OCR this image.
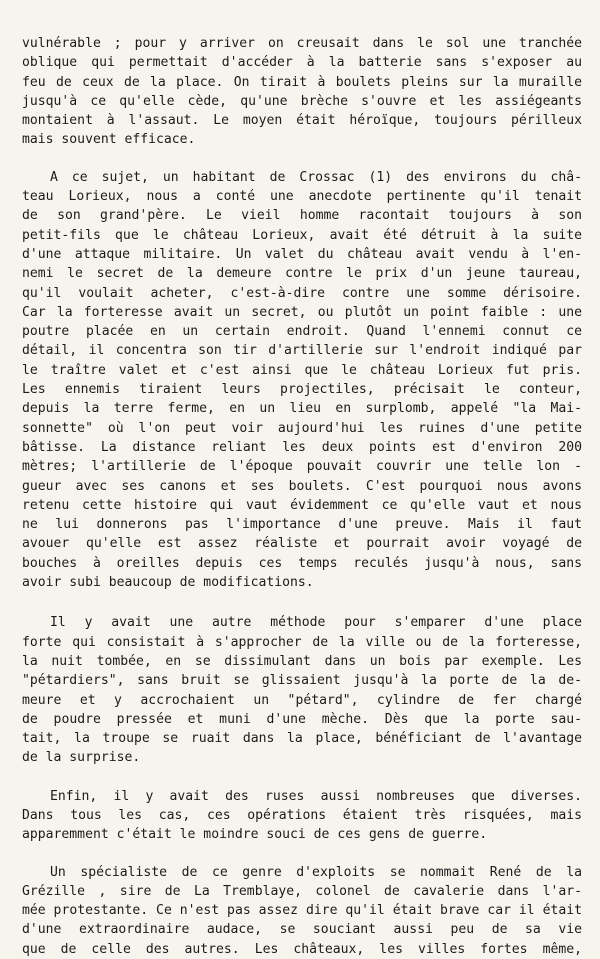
vulnérable ; pour y arriver on creusait dans le sol une tranchée
oblique qui permettait d'accéder à la batterie sans s'exposer au
feu de ceux de la place. On tirait à boulets pleins sur la muraille
jusqu'à ce qu'elle cède, qu'une brèche s'ouvre et les assiégeants
montaient à l'assaut. Le moyen était héroïque, toujours périlleux
mais souvent efficace.
A ce sujet, un habitant de Crossac (1) des environs du châ-
teau Lorieux, nous a conté une anecdote pertinente qu'il tenait
de son grand'père. Le vieil homme racontait toujours à son
petit-fils que le château Lorieux, avait été détruit à la suite
d'une attaque militaire. Un valet du château avait vendu à l'en-
nemi le secret de la demeure contre le prix d'un jeune taureau,
qu'il voulait acheter, c'est-à-dire contre une somme dérisoire.
Car la forteresse avait un secret, ou plutôt un point faible : une
poutre placée en un certain endroit. Quand l'ennemi connut ce
détail, il concentra son tir d'artillerie sur l'endroit indiqué par
le traître valet et c'est ainsi que le château Lorieux fut pris.
Les ennemis tiraient leurs projectiles, précisait le conteur,
depuis la terre ferme, en un lieu en surplomb, appelé "la Mai-
sonnette" où l'on peut voir aujourd'hui les ruines d'une petite
bâtisse. La distance reliant les deux points est d'environ 200
mètres; l'artillerie de l'époque pouvait couvrir une telle lon -
gueur avec ses canons et ses boulets. C'est pourquoi nous avons
retenu cette histoire qui vaut évidemment ce qu'elle vaut et nous
ne lui donnerons pas l'importance d'une preuve. Mais il faut
avouer qu'elle est assez réaliste et pourrait avoir voyagé de
bouches à oreilles depuis ces temps reculés jusqu'à nous, sans
avoir subi beaucoup de modifications.
Il y avait une autre méthode pour s'emparer d'une place
forte qui consistait à s'approcher de la ville ou de la forteresse,
la nuit tombée, en se dissimulant dans un bois par exemple. Les
"pétardiers", sans bruit se glissaient jusqu'à la porte de la de-
meure et y accrochaient un "pétard", cylindre de fer chargé
de poudre pressée et muni d'une mèche. Dès que la porte sau-
tait, la troupe se ruait dans la place, bénéficiant de l'avantage
de la surprise.
Enfin, il y avait des ruses aussi nombreuses que diverses.
Dans tous les cas, ces opérations étaient très risquées, mais
apparemment c'était le moindre souci de ces gens de guerre.
Un spécialiste de ce genre d'exploits se nommait René de la
Grézille , sire de La Tremblaye, colonel de cavalerie dans l'ar-
mée protestante. Ce n'est pas assez dire qu'il était brave car il était
d'une extraordinaire audace, se souciant aussi peu de sa vie
que de celle des autres. Les châteaux, les villes fortes même,
